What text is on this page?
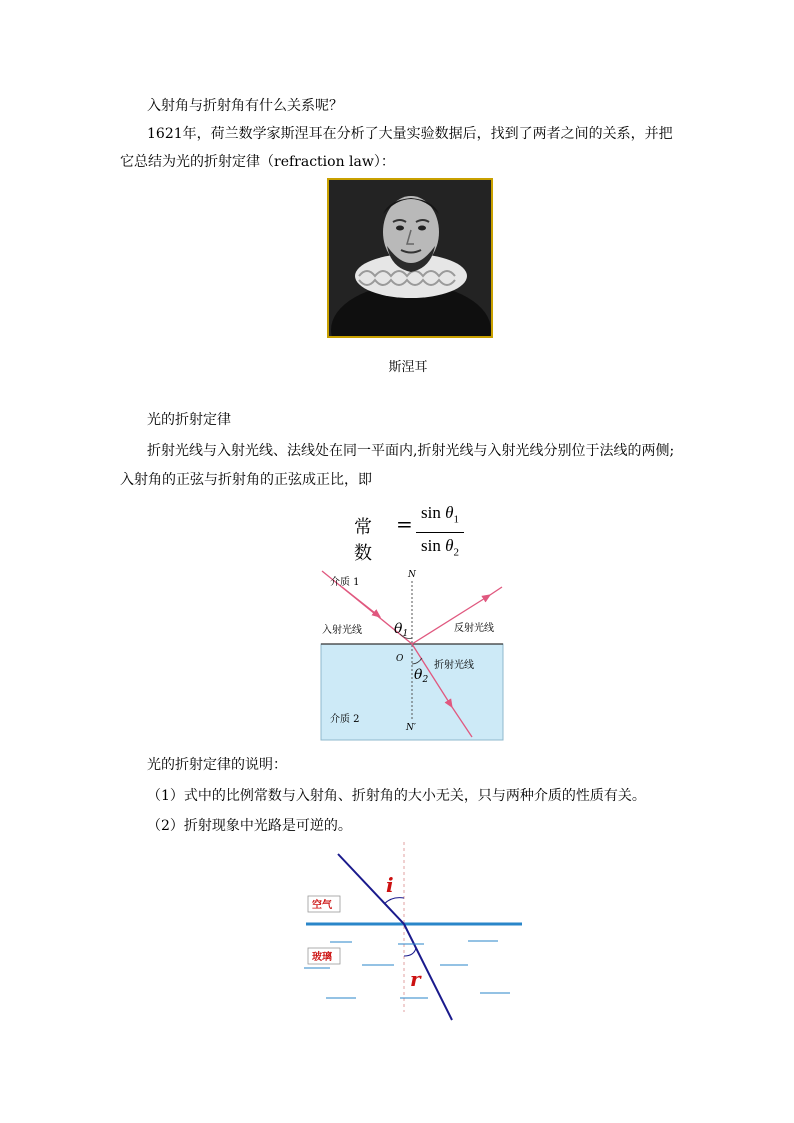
入射角与折射角有什么关系呢？
1621年，荷兰数学家斯涅耳在分析了大量实验数据后，找到了两者之间的关系，并把
它总结为光的折射定律（refraction law）：
斯涅耳
光的折射定律
折射光线与入射光线、法线处在同一平面内,折射光线与入射光线分别位于法线的两侧;
入射角的正弦与折射角的正弦成正比，即
常数
= $\sin \theta_1$
$\sin \theta_2$
介质 1
介质 2
N
N′
O
入射光线	反射光线
折射光线
$\theta_1$
$\theta_2$
光的折射定律的说明：
（1）式中的比例常数与入射角、折射角的大小无关，只与两种介质的性质有关。
（2）折射现象中光路是可逆的。
空气
玻璃
i
r
